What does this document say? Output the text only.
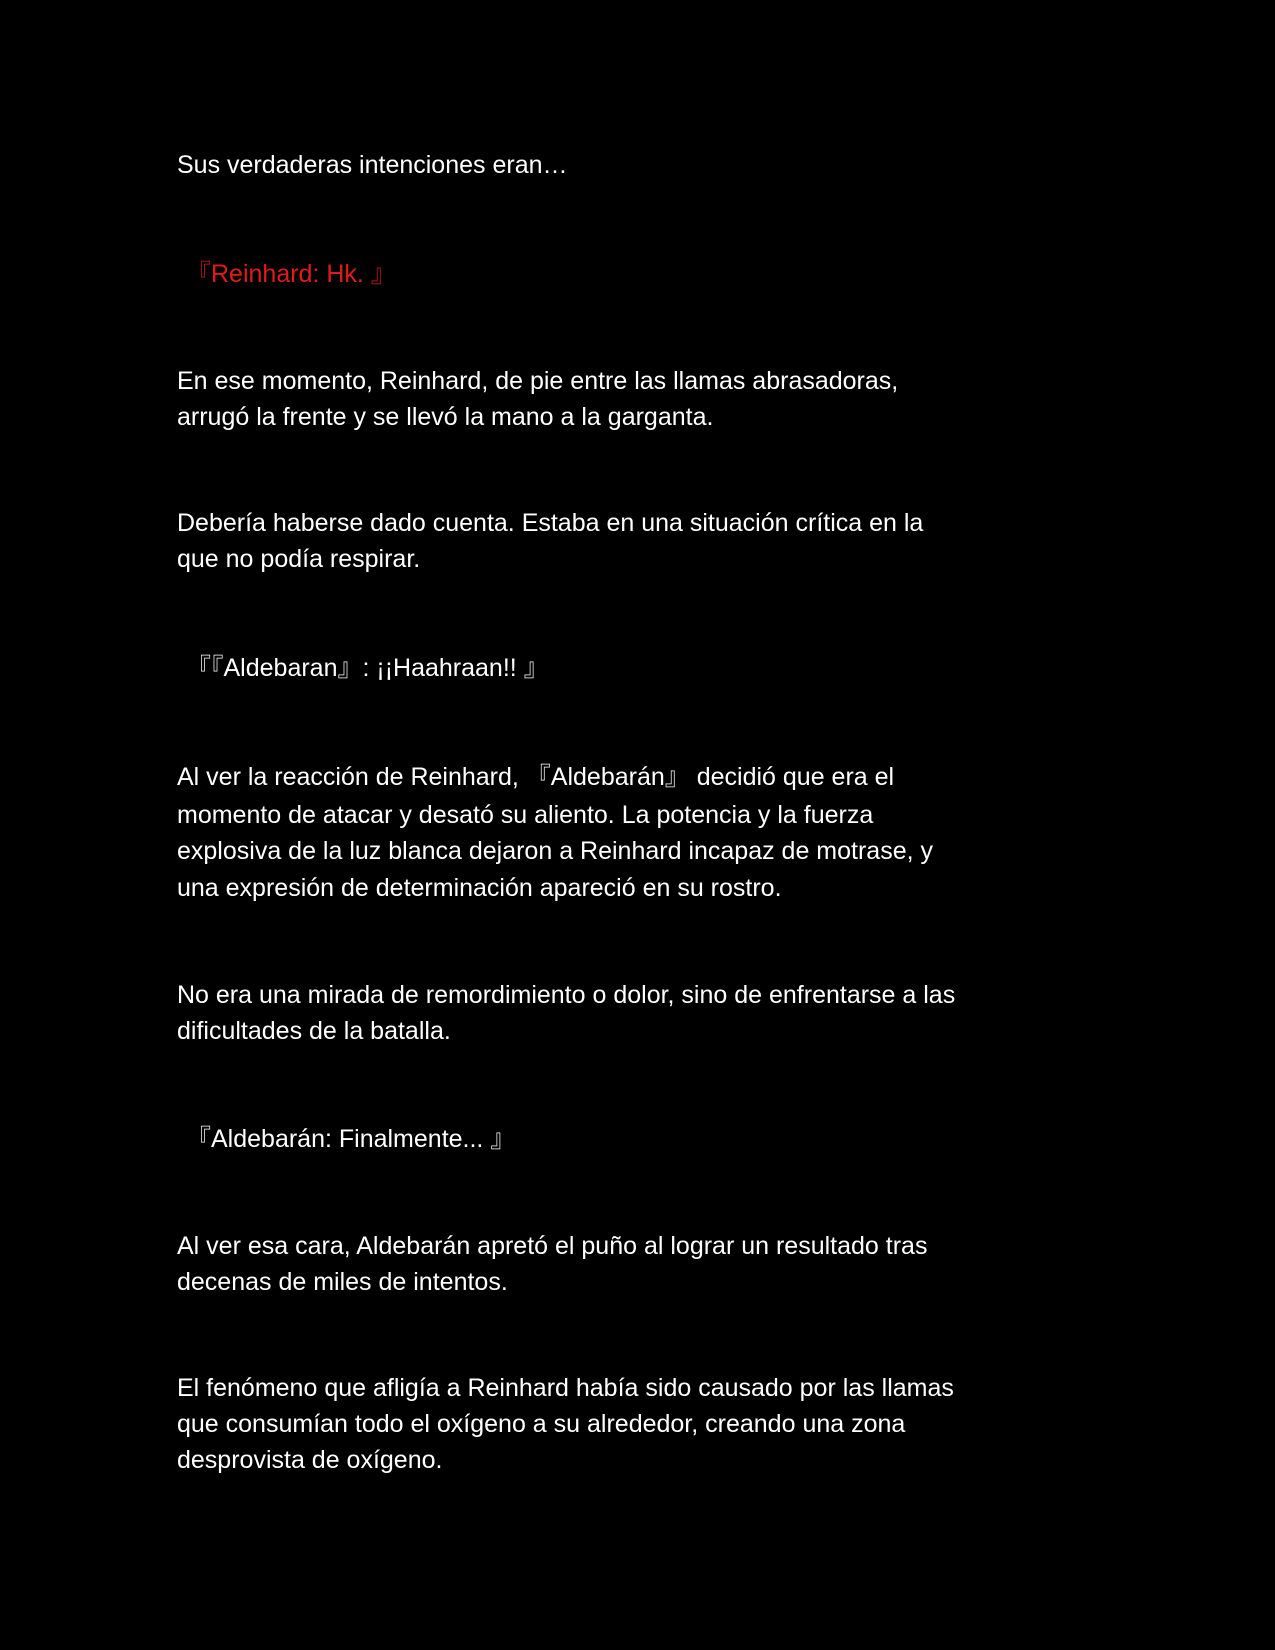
Sus verdaderas intenciones eran…

『Reinhard: Hk. 』

En ese momento, Reinhard, de pie entre las llamas abrasadoras,

arrugó la frente y se llevó la mano a la garganta.

Debería haberse dado cuenta. Estaba en una situación crítica en la

que no podía respirar.

『『Aldebaran』: ¡¡Haahraan!! 』

Al ver la reacción de Reinhard, 『Aldebarán』 decidió que era el

momento de atacar y desató su aliento. La potencia y la fuerza

explosiva de la luz blanca dejaron a Reinhard incapaz de motrase, y

una expresión de determinación apareció en su rostro.

No era una mirada de remordimiento o dolor, sino de enfrentarse a las

dificultades de la batalla.

『Aldebarán: Finalmente... 』

Al ver esa cara, Aldebarán apretó el puño al lograr un resultado tras

decenas de miles de intentos.

El fenómeno que afligía a Reinhard había sido causado por las llamas

que consumían todo el oxígeno a su alrededor, creando una zona

desprovista de oxígeno.
